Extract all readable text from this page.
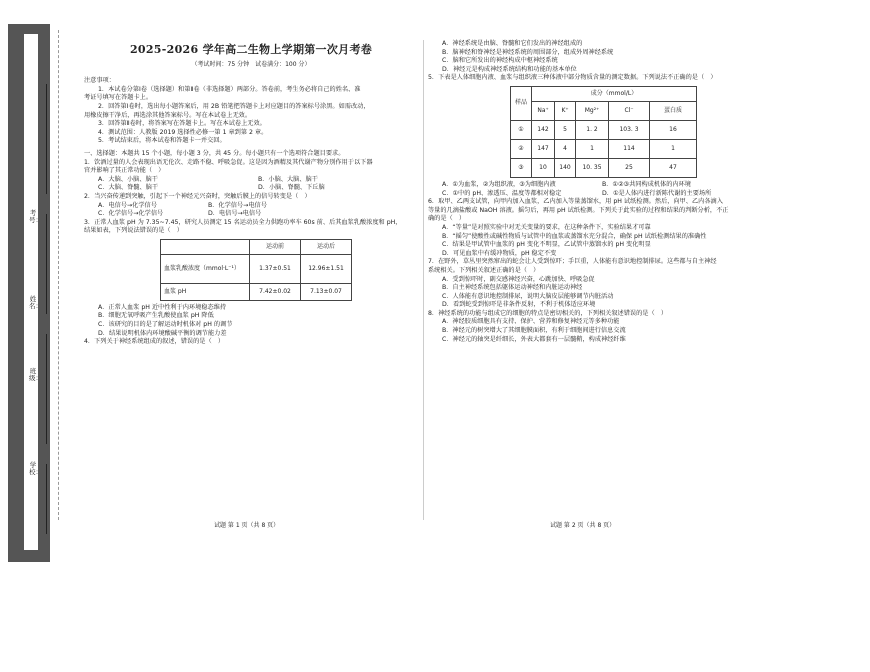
考号：
姓名：
班级：
学校：
2025-2026 学年高二生物上学期第一次月考卷
（考试时间：75 分钟　试卷满分：100 分）

注意事项：

1．本试卷分第Ⅰ卷（选择题）和第Ⅱ卷（非选择题）两部分。答卷前，考生务必将自己的姓名、准

考证号填写在答题卡上。

2．回答第Ⅰ卷时，选出每小题答案后，用 2B 铅笔把答题卡上对应题目的答案标号涂黑。如需改动，

用橡皮擦干净后，再选涂其他答案标号。写在本试卷上无效。

3．回答第Ⅱ卷时，将答案写在答题卡上。写在本试卷上无效。

4．测试范围：人教版 2019 选择性必修一第 1 章到第 2 章。

5．考试结束后，将本试卷和答题卡一并交回。

一、选择题：本题共 15 个小题，每小题 3 分，共 45 分。每小题只有一个选项符合题目要求。

1．饮酒过量的人会表现出语无伦次、走路不稳、呼吸急促。这是因为酒精及其代谢产物分别作用于以下器

官并影响了其正常功能（　）

A．大脑、小脑、脑干	B．小脑、大脑、脑干

C．大脑、脊髓、脑干	D．小脑、脊髓、下丘脑

2．当兴奋传递到突触，引起下一个神经元兴奋时，突触后膜上的信号转变是（　）

A．电信号→化学信号	B．化学信号→电信号

C．化学信号→化学信号	D．电信号→电信号

3．正常人血浆 pH 为 7.35~7.45，研究人员测定 15 名运动员全力供跑功率车 60s 前、后其血浆乳酸浓度和 pH，

结果如表，下列说法错误的是（　）

	运动前	运动后
血浆乳酸浓度（mmol·L⁻¹）	1.37±0.51	12.96±1.51
血浆 pH	7.42±0.02	7.13±0.07

A．正常人血浆 pH 近中性利于内环境稳态维持

B．细胞无氧呼吸产生乳酸使血浆 pH 降低

C．该研究的目的是了解运动时机体对 pH 的调节

D．结果说明机体内环境酸碱平衡的调节能力差

4．下列关于神经系统组成的叙述，错误的是（　）

A．神经系统是由脑、脊髓和它们发出的神经组成的

B．脑神经和脊神经是神经系统的周围部分，组成外周神经系统

C．脑和它所发出的神经构成中枢神经系统

D．神经元是构成神经系统结构和功能的基本单位

5．下表是人体细胞内液、血浆与组织液三种体液中部分物质含量的测定数据。下列说法不正确的是（　）

样品	成分（mmol/L）				
	Na⁺	K⁺	Mg²⁺	Cl⁻	蛋白质
①	142	5	1. 2	103. 3	16
②	147	4	1	114	1
③	10	140	10. 35	25	47

A．①为血浆，②为组织液，③为细胞内液	B．①②③共同构成机体的内环境

C．①中的 pH、渗透压、温度等都相对稳定	D．①是人体内进行新陈代谢的主要场所

6．取甲、乙两支试管，向甲内加入血浆，乙内加入等量蒸馏水，用 pH 试纸检测。然后，向甲、乙内各滴入

等量的几滴盐酸或 NaOH 溶液。摇匀后，再用 pH 试纸检测。下列关于此实验的过程和结果的判断分析，不正

确的是（　）

A．“等量”是对照实验中对无关变量的要求，在这种条件下，实验结果才可靠

B．“摇匀”使酸性或碱性物质与试管中的血浆或蒸馏水充分混合，确保 pH 试纸检测结果的准确性

C．结果是甲试管中血浆的 pH 变化不明显，乙试管中蒸馏水的 pH 变化明显

D．可见血浆中有缓冲物质，pH 稳定不变

7．在野外，草丛里突然窜出的蛇会让人受到惊吓；手巨重，人体能有意识地控制排尿。这些都与自主神经

系统相关。下列相关叙述正确的是（　）

A．受到惊吓时，副交感神经兴奋，心跳加快、呼吸急促

B．自主神经系统包括躯体运动神经和内脏运动神经

C．人体能有意识地控制排尿，说明大脑皮层能够调节内脏活动

D．看到蛇受到惊吓是非条件反射，不利于机体适应环境

8．神经系统的功能与组成它的细胞的特点是密切相关的，下列相关叙述错误的是（　）

A．神经胶质细胞具有支持、保护、营养和修复神经元等多种功能

B．神经元的树突增大了其细胞膜面积，有利于细胞间进行信息交流

C．神经元的轴突是纤细长，外表大都套有一层髓鞘，构成神经纤维

试题 第 1 页（共 8 页）	试题 第 2 页（共 8 页）
